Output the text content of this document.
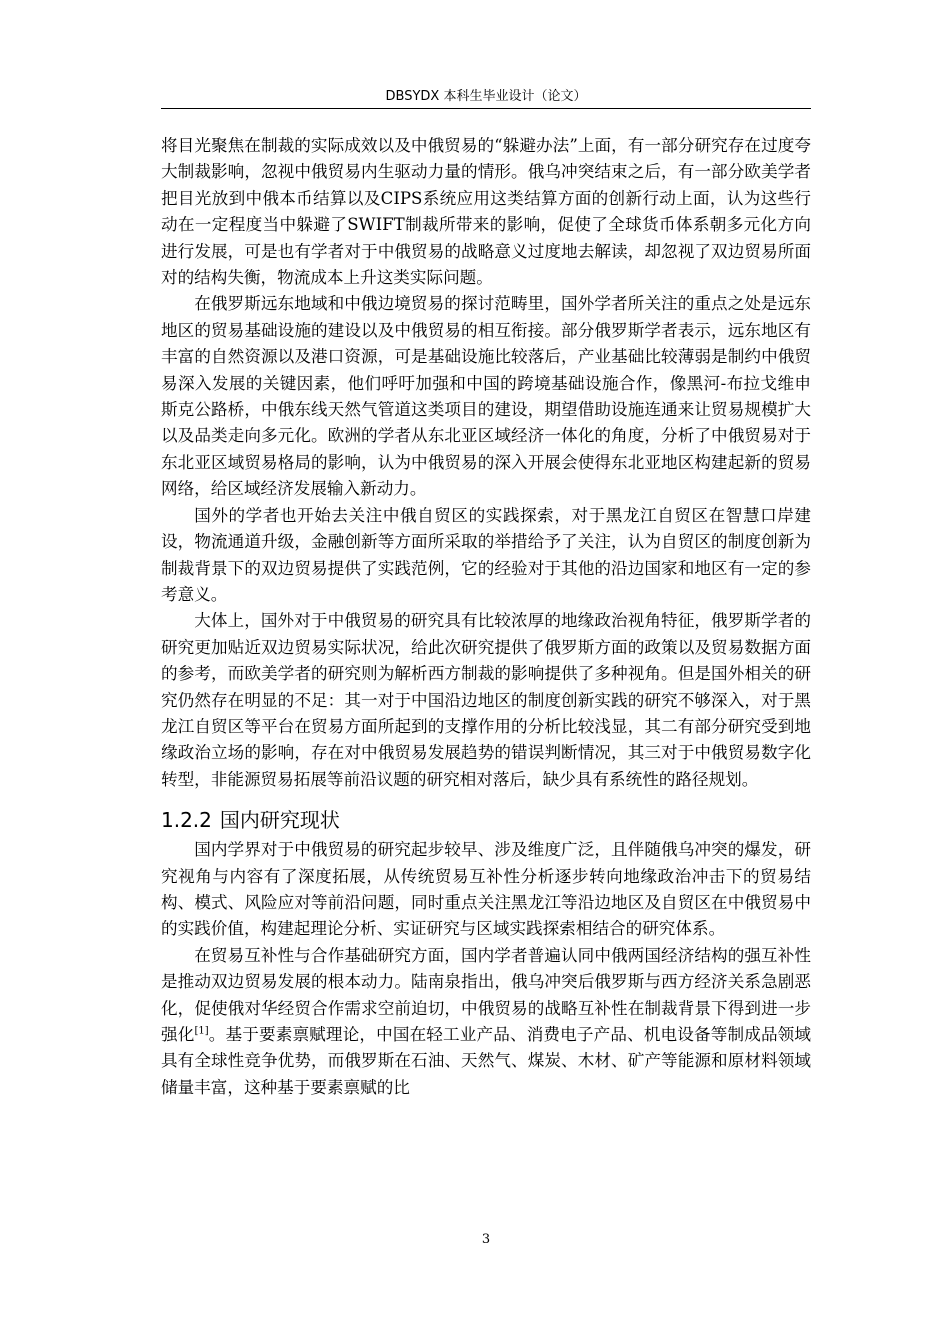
DBSYDX 本科生毕业设计（论文）

将目光聚焦在制裁的实际成效以及中俄贸易的“躲避办法”上面，有一部分研究存在过度夸大制裁影响，忽视中俄贸易内生驱动力量的情形。俄乌冲突结束之后，有一部分欧美学者把目光放到中俄本币结算以及CIPS系统应用这类结算方面的创新行动上面，认为这些行动在一定程度当中躲避了SWIFT制裁所带来的影响，促使了全球货币体系朝多元化方向进行发展，可是也有学者对于中俄贸易的战略意义过度地去解读，却忽视了双边贸易所面对的结构失衡，物流成本上升这类实际问题。

在俄罗斯远东地域和中俄边境贸易的探讨范畴里，国外学者所关注的重点之处是远东地区的贸易基础设施的建设以及中俄贸易的相互衔接。部分俄罗斯学者表示，远东地区有丰富的自然资源以及港口资源，可是基础设施比较落后，产业基础比较薄弱是制约中俄贸易深入发展的关键因素，他们呼吁加强和中国的跨境基础设施合作，像黑河-布拉戈维申斯克公路桥，中俄东线天然气管道这类项目的建设，期望借助设施连通来让贸易规模扩大以及品类走向多元化。欧洲的学者从东北亚区域经济一体化的角度，分析了中俄贸易对于东北亚区域贸易格局的影响，认为中俄贸易的深入开展会使得东北亚地区构建起新的贸易网络，给区域经济发展输入新动力。

国外的学者也开始去关注中俄自贸区的实践探索，对于黑龙江自贸区在智慧口岸建设，物流通道升级，金融创新等方面所采取的举措给予了关注，认为自贸区的制度创新为制裁背景下的双边贸易提供了实践范例，它的经验对于其他的沿边国家和地区有一定的参考意义。

大体上，国外对于中俄贸易的研究具有比较浓厚的地缘政治视角特征，俄罗斯学者的研究更加贴近双边贸易实际状况，给此次研究提供了俄罗斯方面的政策以及贸易数据方面的参考，而欧美学者的研究则为解析西方制裁的影响提供了多种视角。但是国外相关的研究仍然存在明显的不足：其一对于中国沿边地区的制度创新实践的研究不够深入，对于黑龙江自贸区等平台在贸易方面所起到的支撑作用的分析比较浅显，其二有部分研究受到地缘政治立场的影响，存在对中俄贸易发展趋势的错误判断情况，其三对于中俄贸易数字化转型，非能源贸易拓展等前沿议题的研究相对落后，缺少具有系统性的路径规划。

1.2.2 国内研究现状

国内学界对于中俄贸易的研究起步较早、涉及维度广泛，且伴随俄乌冲突的爆发，研究视角与内容有了深度拓展，从传统贸易互补性分析逐步转向地缘政治冲击下的贸易结构、模式、风险应对等前沿问题，同时重点关注黑龙江等沿边地区及自贸区在中俄贸易中的实践价值，构建起理论分析、实证研究与区域实践探索相结合的研究体系。

在贸易互补性与合作基础研究方面，国内学者普遍认同中俄两国经济结构的强互补性是推动双边贸易发展的根本动力。陆南泉指出，俄乌冲突后俄罗斯与西方经济关系急剧恶化，促使俄对华经贸合作需求空前迫切，中俄贸易的战略互补性在制裁背景下得到进一步强化[1]。基于要素禀赋理论，中国在轻工业产品、消费电子产品、机电设备等制成品领域具有全球性竞争优势，而俄罗斯在石油、天然气、煤炭、木材、矿产等能源和原材料领域储量丰富，这种基于要素禀赋的比

3
